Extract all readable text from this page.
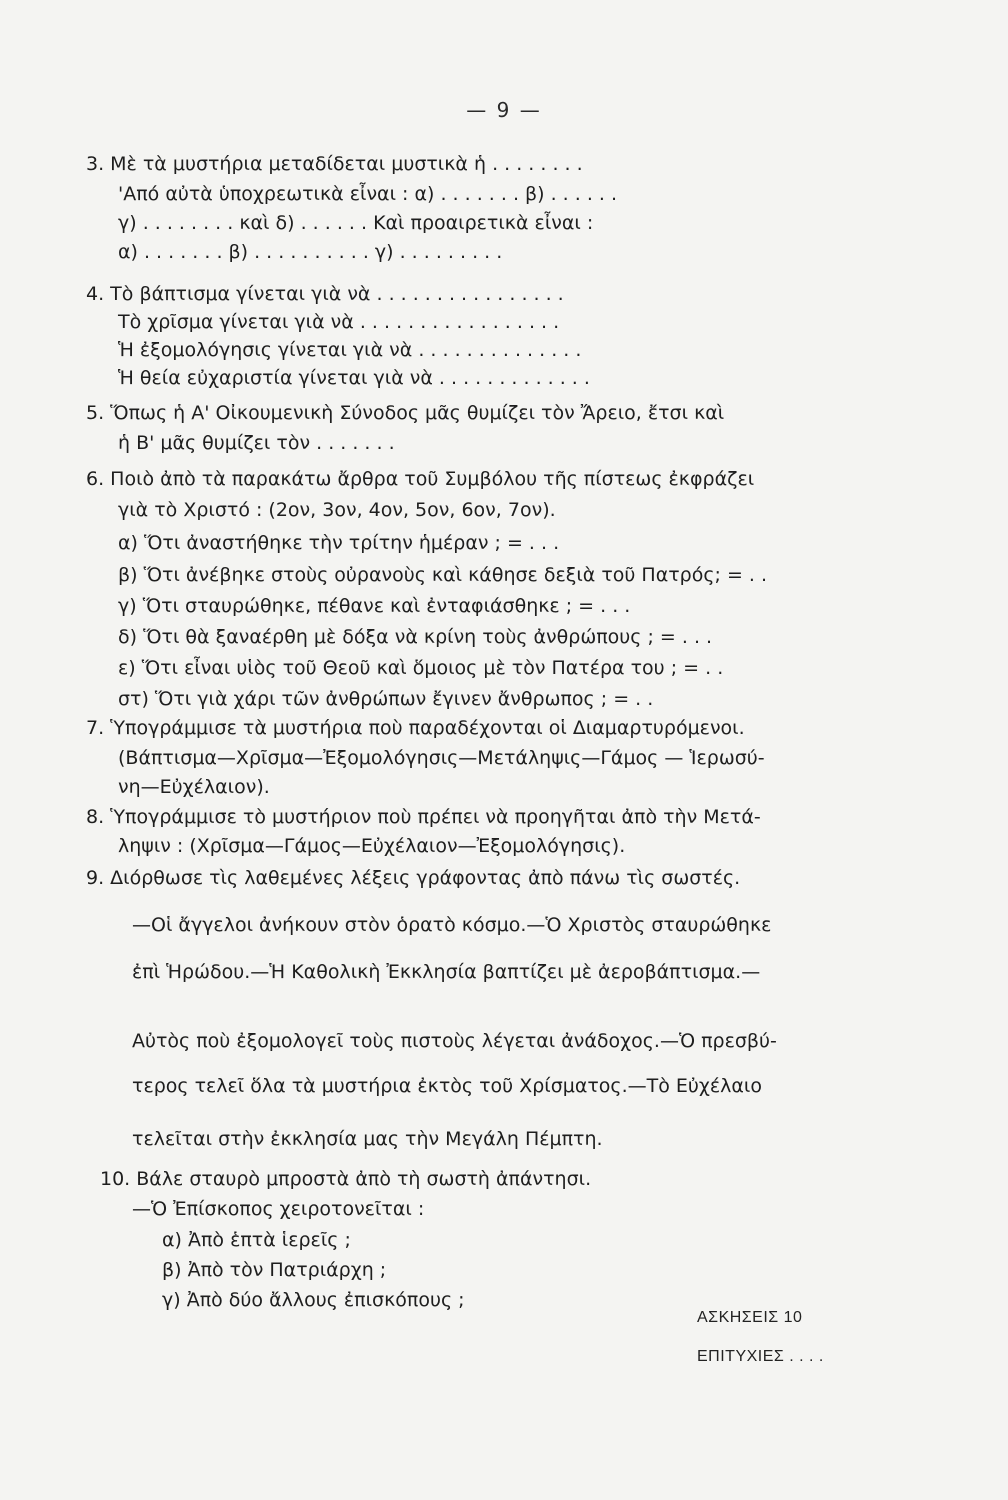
— 9 —
3. Μὲ τὰ μυστήρια μεταδίδεται μυστικὰ ἡ . . . . . . . .
'Από αὐτὰ ὑποχρεωτικὰ εἶναι : α) . . . . . . . β) . . . . . .
γ) . . . . . . . . καὶ δ) . . . . . . Καὶ προαιρετικὰ εἶναι :
α) . . . . . . . β) . . . . . . . . . . γ) . . . . . . . . .
4. Τὸ βάπτισμα γίνεται γιὰ νὰ . . . . . . . . . . . . . . . .
Τὸ χρῖσμα γίνεται γιὰ νὰ . . . . . . . . . . . . . . . . .
Ἡ ἐξομολόγησις γίνεται γιὰ νὰ . . . . . . . . . . . . . .
Ἡ θεία εὐχαριστία γίνεται γιὰ νὰ . . . . . . . . . . . . .
5. Ὅπως ἡ Α' Οἰκουμενικὴ Σύνοδος μᾶς θυμίζει τὸν Ἄρειο, ἔτσι καὶ
ἡ Β' μᾶς θυμίζει τὸν . . . . . . .
6. Ποιὸ ἀπὸ τὰ παρακάτω ἄρθρα τοῦ Συμβόλου τῆς πίστεως ἐκφράζει
γιὰ τὸ Χριστό : (2ον, 3ον, 4ον, 5ον, 6ον, 7ον).
α) Ὅτι ἀναστήθηκε τὴν τρίτην ἡμέραν ; = . . .
β) Ὅτι ἀνέβηκε στοὺς οὐρανοὺς καὶ κάθησε δεξιὰ τοῦ Πατρός; = . .
γ) Ὅτι σταυρώθηκε, πέθανε καὶ ἐνταφιάσθηκε ; = . . .
δ) Ὅτι θὰ ξαναέρθη μὲ δόξα νὰ κρίνη τοὺς ἀνθρώπους ; = . . .
ε) Ὅτι εἶναι υἱὸς τοῦ Θεοῦ καὶ ὅμοιος μὲ τὸν Πατέρα του ; = . .
στ) Ὅτι γιὰ χάρι τῶν ἀνθρώπων ἔγινεν ἄνθρωπος ; = . .
7. Ὑπογράμμισε τὰ μυστήρια ποὺ παραδέχονται οἱ Διαμαρτυρόμενοι.
(Βάπτισμα—Χρῖσμα—Ἐξομολόγησις—Μετάληψις—Γάμος — Ἱερωσύ-
νη—Εὐχέλαιον).
8. Ὑπογράμμισε τὸ μυστήριον ποὺ πρέπει νὰ προηγῆται ἀπὸ τὴν Μετά-
ληψιν : (Χρῖσμα—Γάμος—Εὐχέλαιον—Ἐξομολόγησις).
9. Διόρθωσε τὶς λαθεμένες λέξεις γράφοντας ἀπὸ πάνω τὶς σωστές.
—Οἱ ἄγγελοι ἀνήκουν στὸν ὁρατὸ κόσμο.—Ὁ Χριστὸς σταυρώθηκε
ἐπὶ Ἡρώδου.—Ἡ Καθολικὴ Ἐκκλησία βαπτίζει μὲ ἀεροβάπτισμα.—
Αὐτὸς ποὺ ἐξομολογεῖ τοὺς πιστοὺς λέγεται ἀνάδοχος.—Ὁ πρεσβύ-
τερος τελεῖ ὅλα τὰ μυστήρια ἐκτὸς τοῦ Χρίσματος.—Τὸ Εὐχέλαιο
τελεῖται στὴν ἐκκλησία μας τὴν Μεγάλη Πέμπτη.
10. Βάλε σταυρὸ μπροστὰ ἀπὸ τὴ σωστὴ ἀπάντησι.
—Ὁ Ἐπίσκοπος χειροτονεῖται :
α) Ἀπὸ ἑπτὰ ἱερεῖς ;
β) Ἀπὸ τὸν Πατριάρχη ;
γ) Ἀπὸ δύο ἄλλους ἐπισκόπους ;
ΑΣΚΗΣΕΙΣ 10
ΕΠΙΤΥΧΙΕΣ . . . .
